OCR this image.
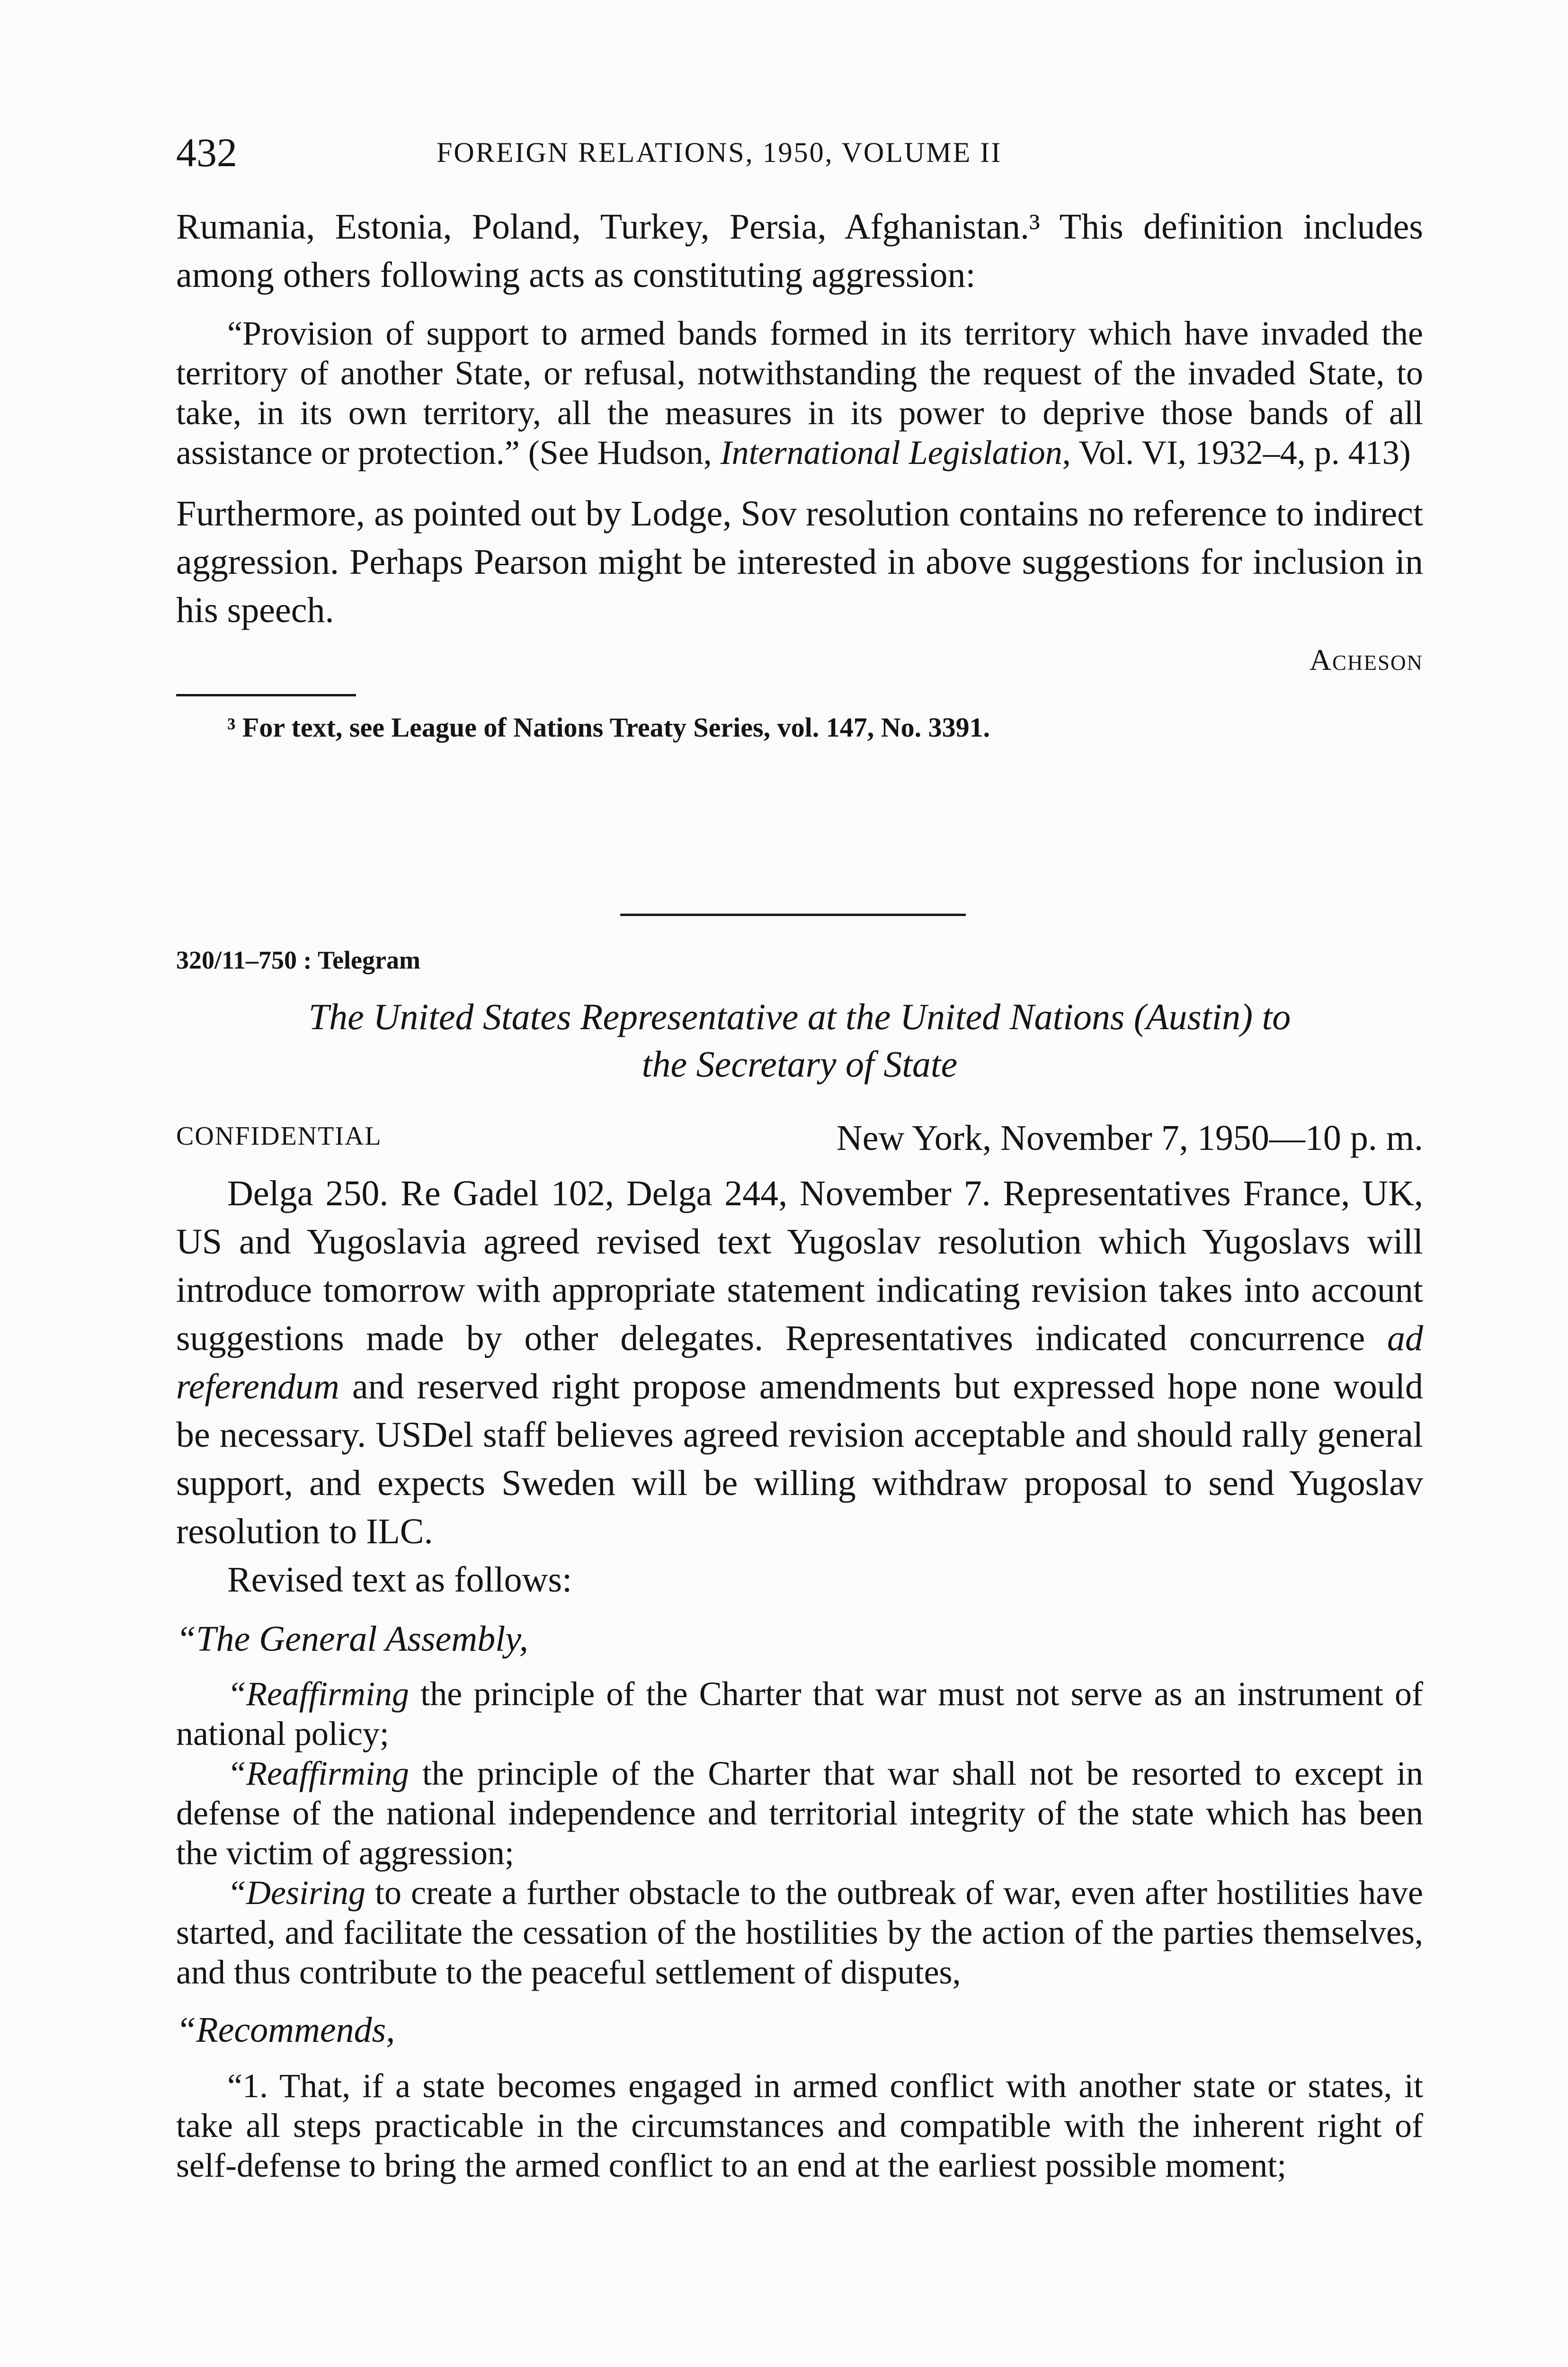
432	FOREIGN RELATIONS, 1950, VOLUME II

Rumania, Estonia, Poland, Turkey, Persia, Afghanistan.³ This definition includes among others following acts as constituting aggression:

“Provision of support to armed bands formed in its territory which have invaded the territory of another State, or refusal, notwithstanding the request of the invaded State, to take, in its own territory, all the measures in its power to deprive those bands of all assistance or protection.” (See Hudson, International Legislation, Vol. VI, 1932–4, p. 413)

Furthermore, as pointed out by Lodge, Sov resolution contains no reference to indirect aggression. Perhaps Pearson might be interested in above suggestions for inclusion in his speech.

Acheson

³ For text, see League of Nations Treaty Series, vol. 147, No. 3391.

320/11–750 : Telegram

The United States Representative at the United Nations (Austin) to

the Secretary of State

CONFIDENTIAL	New York, November 7, 1950—10 p. m.

Delga 250. Re Gadel 102, Delga 244, November 7. Representatives France, UK, US and Yugoslavia agreed revised text Yugoslav resolution which Yugoslavs will introduce tomorrow with appropriate statement indicating revision takes into account suggestions made by other delegates. Representatives indicated concurrence ad referendum and reserved right propose amendments but expressed hope none would be necessary. USDel staff believes agreed revision acceptable and should rally general support, and expects Sweden will be willing withdraw proposal to send Yugoslav resolution to ILC.

Revised text as follows:

“The General Assembly,

“Reaffirming the principle of the Charter that war must not serve as an instrument of national policy;

“Reaffirming the principle of the Charter that war shall not be resorted to except in defense of the national independence and territorial integrity of the state which has been the victim of aggression;

“Desiring to create a further obstacle to the outbreak of war, even after hostilities have started, and facilitate the cessation of the hostilities by the action of the parties themselves, and thus contribute to the peaceful settlement of disputes,

“Recommends,

“1. That, if a state becomes engaged in armed conflict with another state or states, it take all steps practicable in the circumstances and compatible with the inherent right of self-defense to bring the armed conflict to an end at the earliest possible moment;
